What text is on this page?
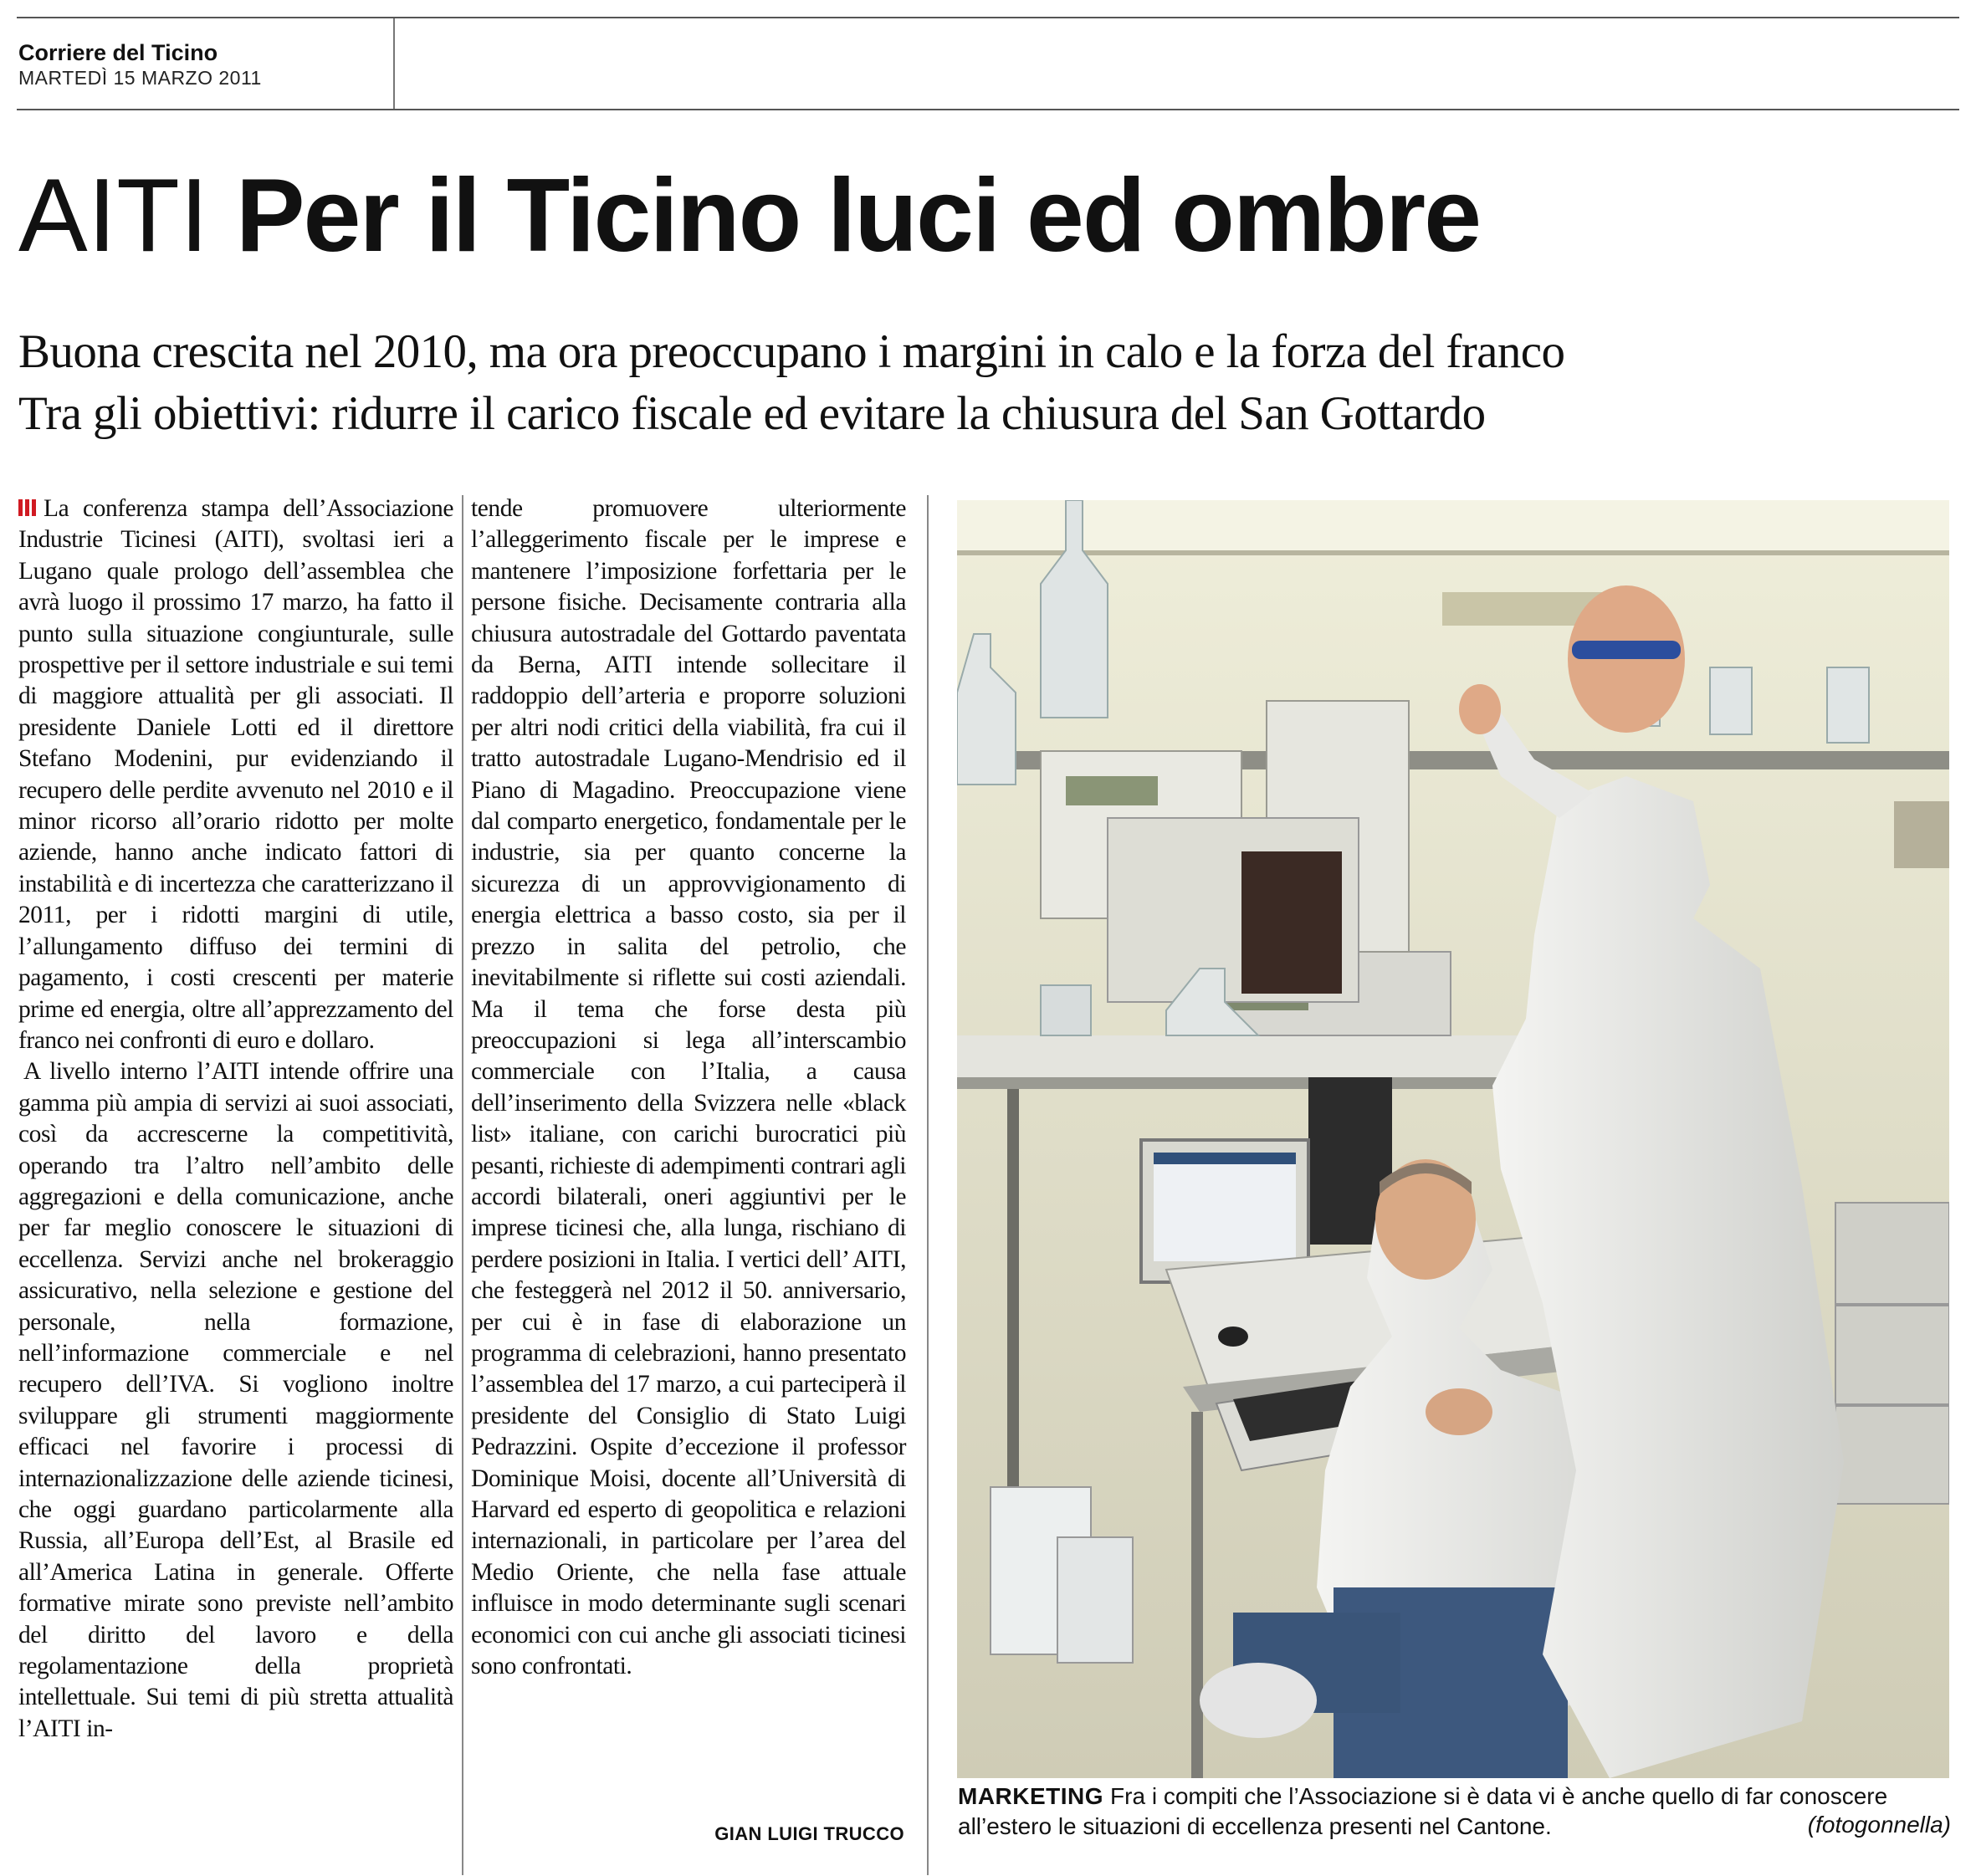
Corriere del Ticino
MARTEDÌ 15 MARZO 2011
AITI Per il Ticino luci ed ombre
Buona crescita nel 2010, ma ora preoccupano i margini in calo e la forza del franco
Tra gli obiettivi: ridurre il carico fiscale ed evitare la chiusura del San Gottardo

La conferenza stampa dell’Associazione Industrie Ticinesi (AITI), svoltasi ieri a Lugano quale prologo dell’assemblea che avrà luogo il prossimo 17 marzo, ha fatto il punto sulla situazione congiunturale, sulle prospettive per il settore industriale e sui temi di maggiore attualità per gli associati. Il presidente Daniele Lotti ed il direttore Stefano Modenini, pur evidenziando il recupero delle perdite avvenuto nel 2010 e il minor ricorso all’orario ridotto per molte aziende, hanno anche indicato fattori di instabilità e di incertezza che caratterizzano il 2011, per i ridotti margini di utile, l’allungamento diffuso dei termini di pagamento, i costi crescenti per materie prime ed energia, oltre all’apprezzamento del franco nei confronti di euro e dollaro.

A livello interno l’AITI intende offrire una gamma più ampia di servizi ai suoi associati, così da accrescerne la competitività, operando tra l’altro nell’ambito delle aggregazioni e della comunicazione, anche per far meglio conoscere le situazioni di eccellenza. Servizi anche nel brokeraggio assicurativo, nella selezione e gestione del personale, nella formazione, nell’informazione commerciale e nel recupero dell’IVA. Si vogliono inoltre sviluppare gli strumenti maggiormente efficaci nel favorire i processi di internazionalizzazione delle aziende ticinesi, che oggi guardano particolarmente alla Russia, all’Europa dell’Est, al Brasile ed all’America Latina in generale. Offerte formative mirate sono previste nell’ambito del diritto del lavoro e della regolamentazione della proprietà intellettuale. Sui temi di più stretta attualità l’AITI in-

tende promuovere ulteriormente l’alleggerimento fiscale per le imprese e mantenere l’imposizione forfettaria per le persone fisiche. Decisamente contraria alla chiusura autostradale del Gottardo paventata da Berna, AITI intende sollecitare il raddoppio dell’arteria e proporre soluzioni per altri nodi critici della viabilità, fra cui il tratto autostradale Lugano-Mendrisio ed il Piano di Magadino. Preoccupazione viene dal comparto energetico, fondamentale per le industrie, sia per quanto concerne la sicurezza di un approvvigionamento di energia elettrica a basso costo, sia per il prezzo in salita del petrolio, che inevitabilmente si riflette sui costi aziendali. Ma il tema che forse desta più preoccupazioni si lega all’interscambio commerciale con l’Italia, a causa dell’inserimento della Svizzera nelle «black list» italiane, con carichi burocratici più pesanti, richieste di adempimenti contrari agli accordi bilaterali, oneri aggiuntivi per le imprese ticinesi che, alla lunga, rischiano di perdere posizioni in Italia. I vertici dell’ AITI, che festeggerà nel 2012 il 50. anniversario, per cui è in fase di elaborazione un programma di celebrazioni, hanno presentato l’assemblea del 17 marzo, a cui parteciperà il presidente del Consiglio di Stato Luigi Pedrazzini. Ospite d’eccezione il professor Dominique Moisi, docente all’Università di Harvard ed esperto di geopolitica e relazioni internazionali, in particolare per l’area del Medio Oriente, che nella fase attuale influisce in modo determinante sugli scenari economici con cui anche gli associati ticinesi sono confrontati.

GIAN LUIGI TRUCCO
MARKETING Fra i compiti che l’Associazione si è data vi è anche quello di far conoscere all’estero le situazioni di eccellenza presenti nel Cantone.	(fotogonnella)
